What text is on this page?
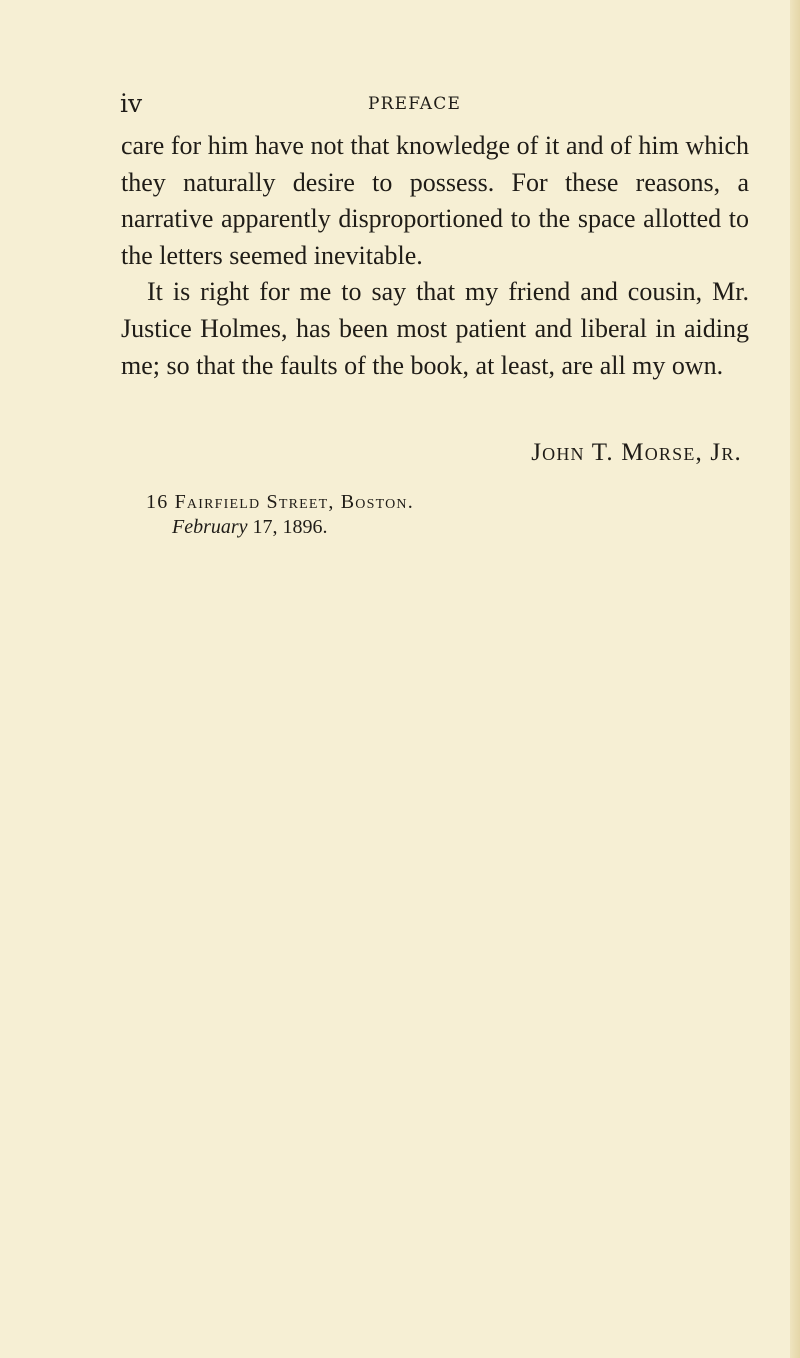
iv	PREFACE

care for him have not that knowledge of it and of him which they naturally desire to possess. For these reasons, a narrative apparently disproportioned to the space allotted to the letters seemed inevitable.

It is right for me to say that my friend and cousin, Mr. Justice Holmes, has been most patient and liberal in aiding me; so that the faults of the book, at least, are all my own.

John T. Morse, Jr.
16 Fairfield Street, Boston.
February 17, 1896.
